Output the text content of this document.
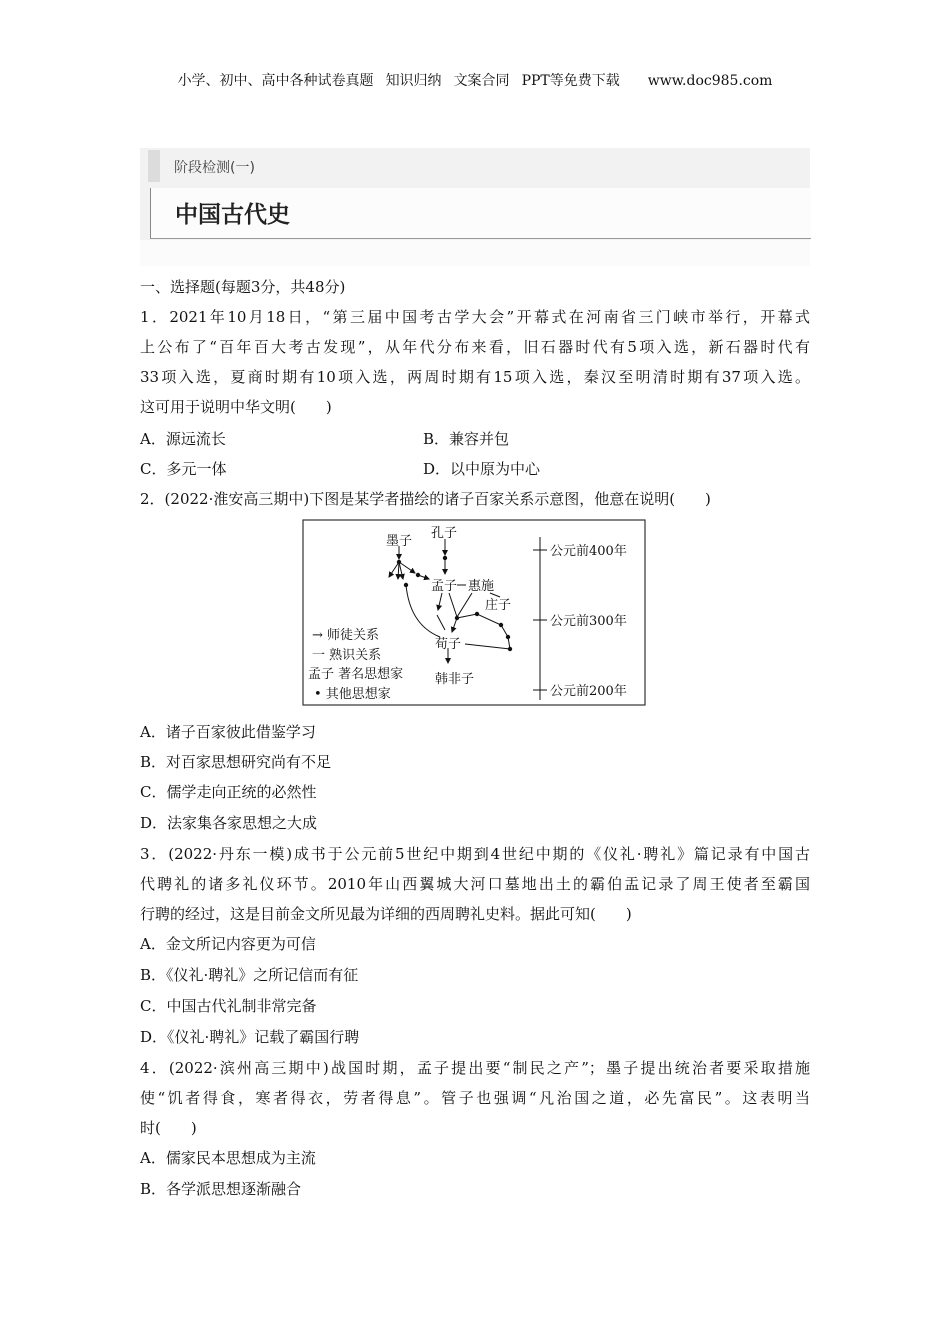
小学、初中、高中各种试卷真题 知识归纳 文案合同 PPT等免费下载 www.doc985.com
阶段检测(一)
中国古代史
一、选择题(每题3分，共48分)
1．2021年10月18日，“第三届中国考古学大会”开幕式在河南省三门峡市举行，开幕式
上公布了“百年百大考古发现”，从年代分布来看，旧石器时代有5项入选，新石器时代有
33项入选，夏商时期有10项入选，两周时期有15项入选，秦汉至明清时期有37项入选。
这可用于说明中华文明(　　)
A．源远流长	B．兼容并包
C．多元一体	D．以中原为中心
2．(2022·淮安高三期中)下图是某学者描绘的诸子百家关系示意图，他意在说明(　　)
墨子
孔子
孟子 惠施
庄子
荀子
韩非子
→ 师徒关系
一 熟识关系
孟子 著名思想家
• 其他思想家
公元前400年
公元前300年
公元前200年
A．诸子百家彼此借鉴学习
B．对百家思想研究尚有不足
C．儒学走向正统的必然性
D．法家集各家思想之大成
3．(2022·丹东一模)成书于公元前5世纪中期到4世纪中期的《仪礼·聘礼》篇记录有中国古
代聘礼的诸多礼仪环节。2010年山西翼城大河口墓地出土的霸伯盂记录了周王使者至霸国
行聘的经过，这是目前金文所见最为详细的西周聘礼史料。据此可知(　　)
A．金文所记内容更为可信
B．《仪礼·聘礼》之所记信而有征
C．中国古代礼制非常完备
D．《仪礼·聘礼》记载了霸国行聘
4．(2022·滨州高三期中)战国时期，孟子提出要“制民之产”；墨子提出统治者要采取措施
使“饥者得食，寒者得衣，劳者得息”。管子也强调“凡治国之道，必先富民”。这表明当
时(　　)
A．儒家民本思想成为主流
B．各学派思想逐渐融合
